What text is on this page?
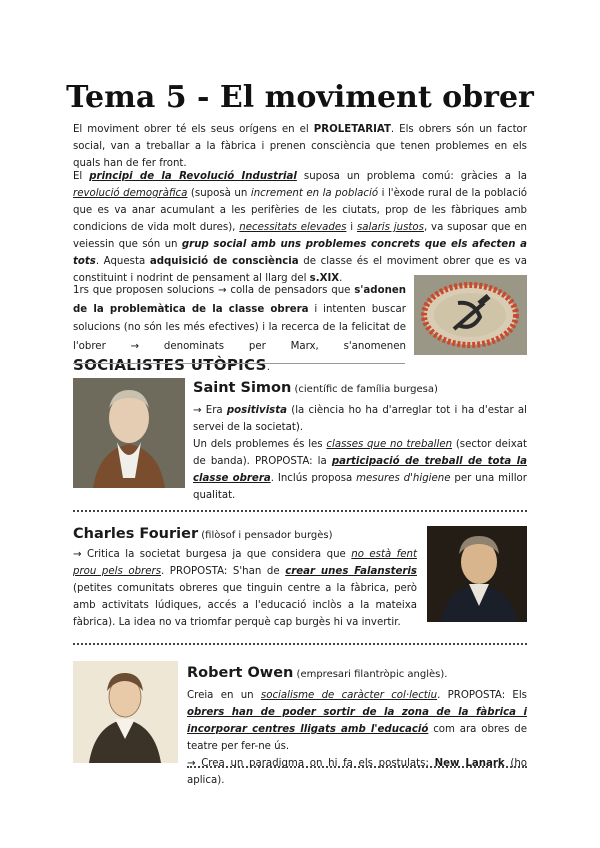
Tema 5 - El moviment obrer
El moviment obrer té els seus orígens en el PROLETARIAT. Els obrers són un factor social, van a treballar a la fàbrica i prenen consciència que tenen problemes en els quals han de fer front.
El principi de la Revolució Industrial suposa un problema comú: gràcies a la revolució demogràfica (suposà un increment en la població i l'èxode rural de la població que es va anar acumulant a les perifèries de les ciutats, prop de les fàbriques amb condicions de vida molt dures), necessitats elevades i salaris justos, va suposar que en veiessin que són un grup social amb uns problemes concrets que els afecten a tots. Aquesta adquisició de consciència de classe és el moviment obrer que es va constituint i nodrint de pensament al llarg del s.XIX.
1rs que proposen solucions → colla de pensadors que s'adonen de la problemàtica de la classe obrera i intenten buscar solucions (no són les més efectives) i la recerca de la felicitat de l'obrer → denominats per Marx, s'anomenen SOCIALISTES UTÒPICS.
Saint Simon (científic de família burgesa)
→ Era positivista (la ciència ho ha d'arreglar tot i ha d'estar al servei de la societat).
Un dels problemes és les classes que no treballen (sector deixat de banda). PROPOSTA: la participació de treball de tota la classe obrera. Inclús proposa mesures d'higiene per una millor qualitat.
Charles Fourier (filòsof i pensador burgès)
→ Critica la societat burgesa ja que considera que no està fent prou pels obrers. PROPOSTA: S'han de crear unes Falansteris (petites comunitats obreres que tinguin centre a la fàbrica, però amb activitats lúdiques, accés a l'educació inclòs a la mateixa fàbrica). La idea no va triomfar perquè cap burgès hi va invertir.
Robert Owen (empresari filantròpic anglès).
Creia en un socialisme de caràcter col·lectiu. PROPOSTA: Els obrers han de poder sortir de la zona de la fàbrica i incorporar centres lligats amb l'educació com ara obres de teatre per fer-ne ús.
→ Crea un paradigma on hi fa els postulats: New Lanark (ho aplica).
